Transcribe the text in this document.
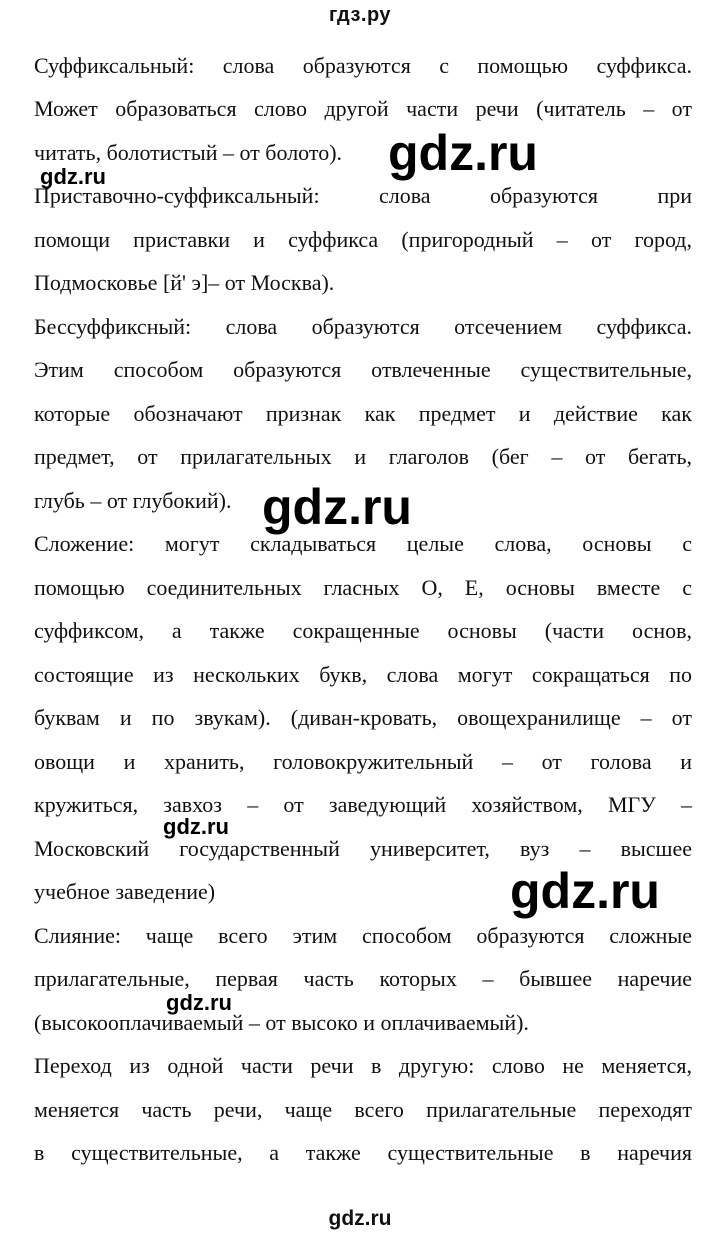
гдз.ру
Суффиксальный: слова образуются с помощью суффикса.
Может образоваться слово другой части речи (читатель – от
читать, болотистый – от болото).
Приставочно-суффиксальный: слова образуются при
помощи приставки и суффикса (пригородный – от город,
Подмосковье [й' э]– от Москва).
Бессуффиксный: слова образуются отсечением суффикса.
Этим способом образуются отвлеченные существительные,
которые обозначают признак как предмет и действие как
предмет, от прилагательных и глаголов (бег – от бегать,
глубь – от глубокий).
Сложение: могут складываться целые слова, основы с
помощью соединительных гласных О, Е, основы вместе с
суффиксом, а также сокращенные основы (части основ,
состоящие из нескольких букв, слова могут сокращаться по
буквам и по звукам). (диван-кровать, овощехранилище – от
овощи и хранить, головокружительный – от голова и
кружиться, завхоз – от заведующий хозяйством, МГУ –
Московский государственный университет, вуз – высшее
учебное заведение)
Слияние: чаще всего этим способом образуются сложные
прилагательные, первая часть которых – бывшее наречие
(высокооплачиваемый – от высоко и оплачиваемый).
Переход из одной части речи в другую: слово не меняется,
меняется часть речи, чаще всего прилагательные переходят
в существительные, а также существительные в наречия
gdz.ru
gdz.ru
gdz.ru
gdz.ru
gdz.ru
gdz.ru
gdz.ru
